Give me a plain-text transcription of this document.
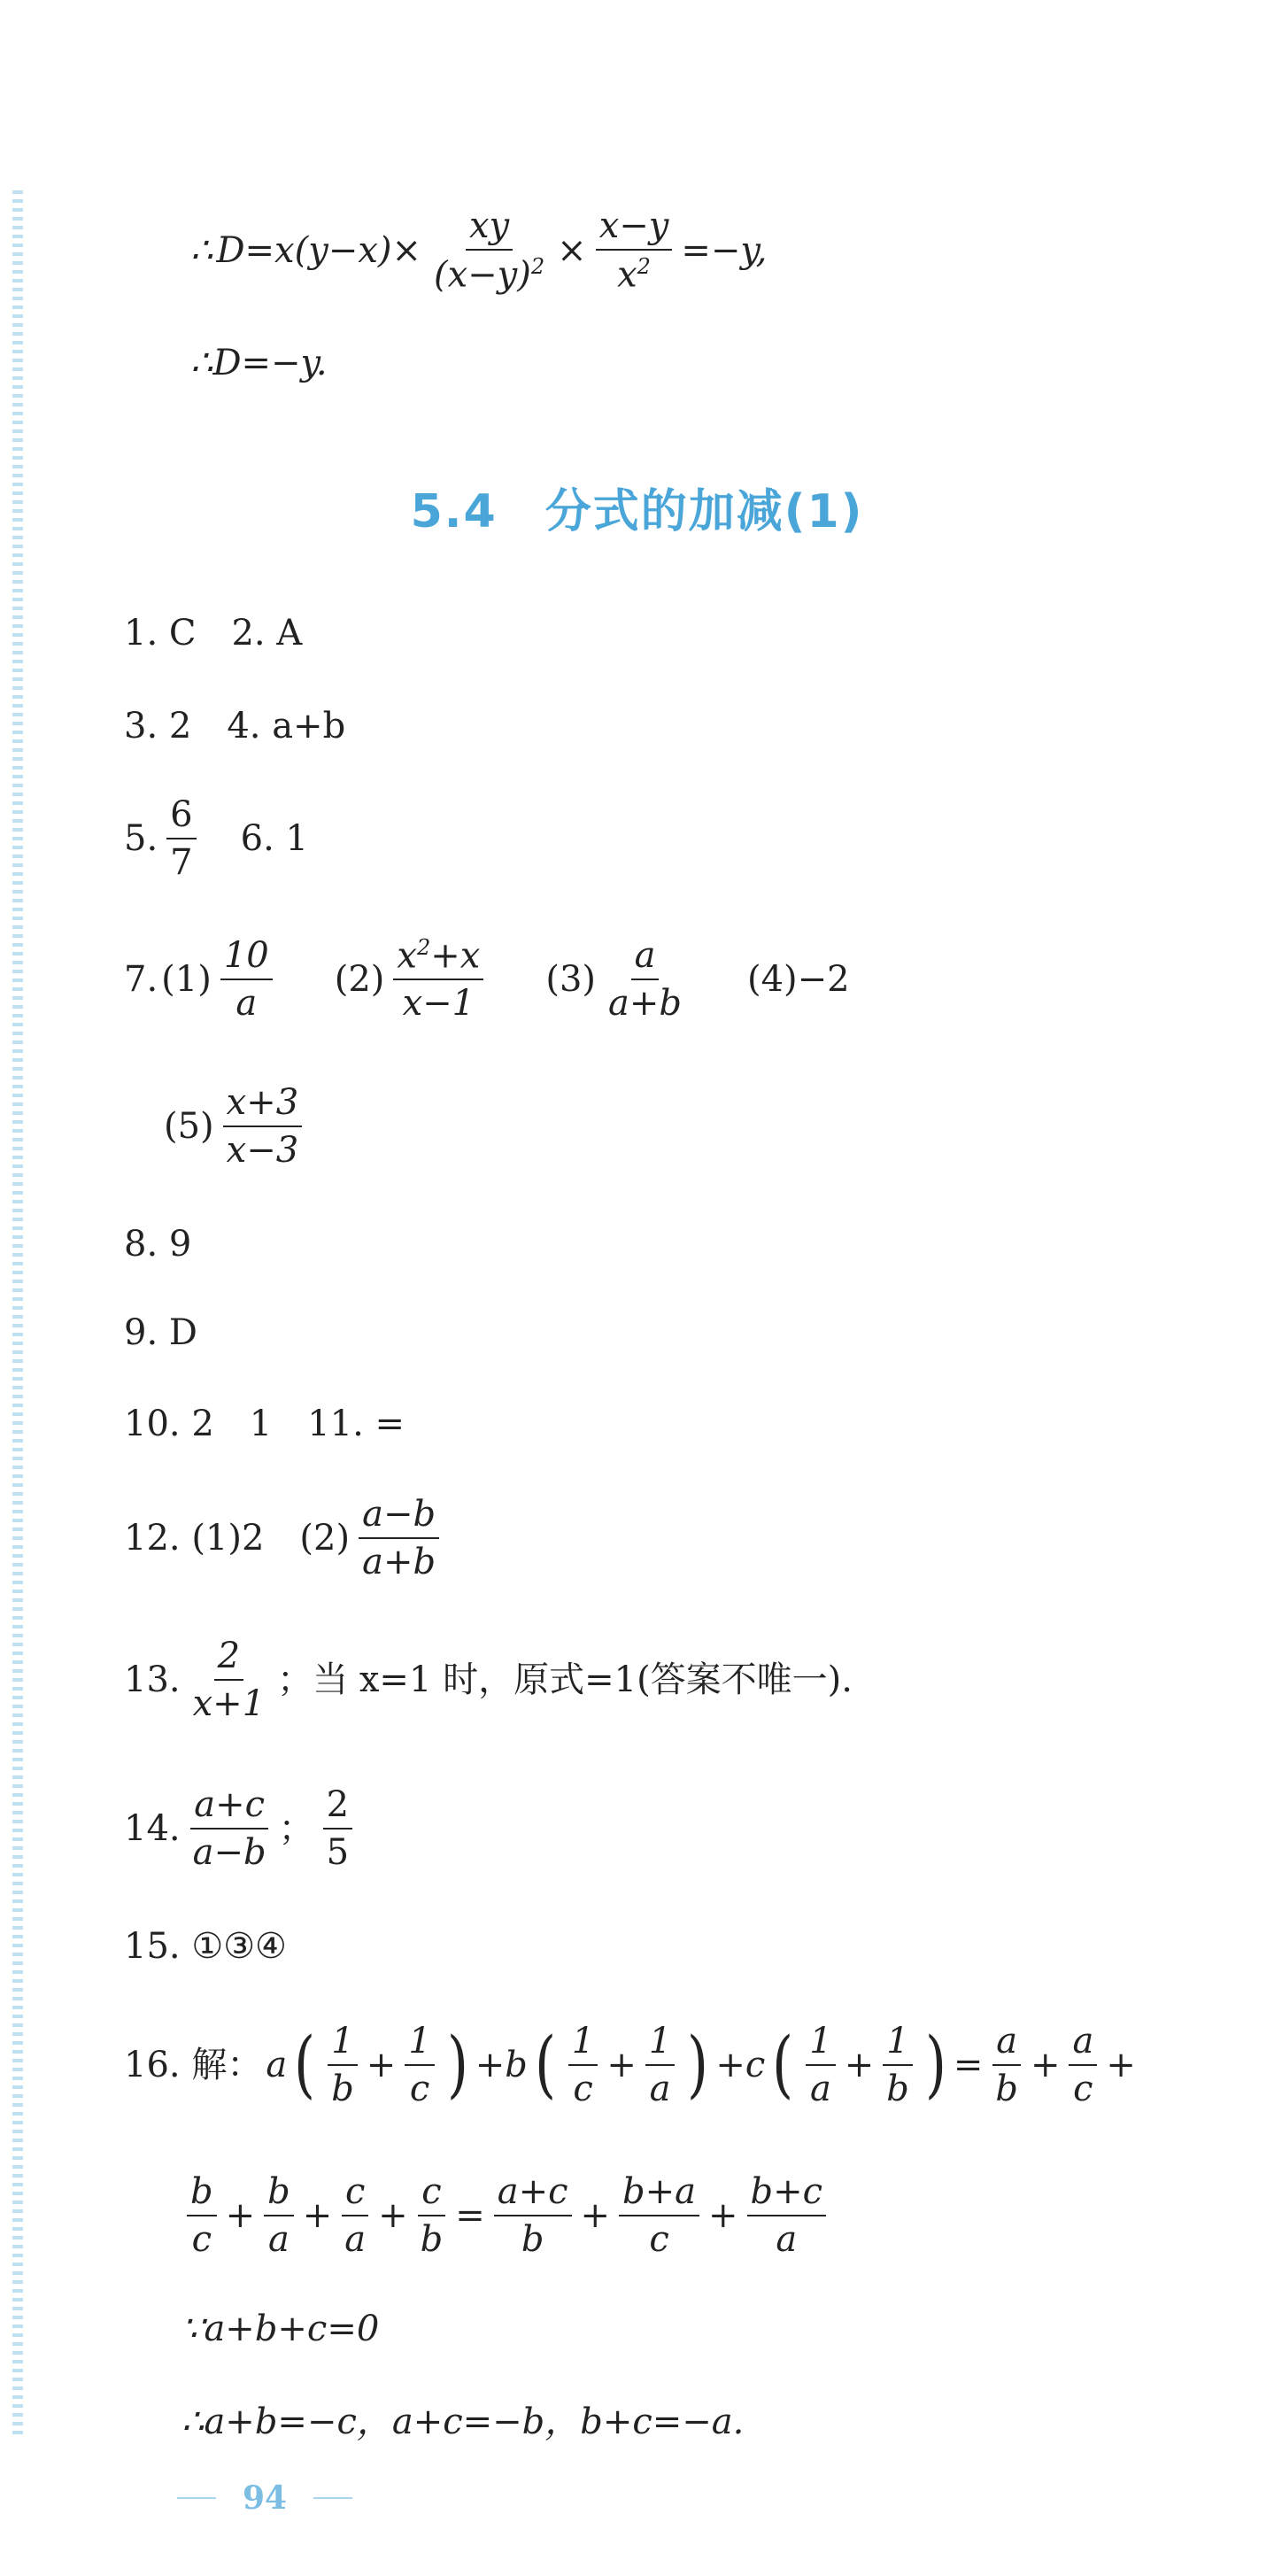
∴ $D=x(y-x)\times \frac{xy}{(x-y)^2} \times \frac{x-y}{x^2} =-y$,
∴D=−y.
5.4　分式的加减(1)
1. C　2. A
3. 2　4. a+b
5. $\frac{6}{7} 6$. 1
7. $(1) \frac{10}{a} (2) \frac{x^2+x}{x-1} (3) \frac{a}{a+b} (4)-2$
$(5) \frac{x+3}{x-3}$
8. 9
9. D
10. 2　1　11. =
12. (1)2　$(2) \frac{a-b}{a+b}$
13. $\frac{2}{x+1}$ ；当 x=1 时，原式=1(答案不唯一).
14. $\frac{a+c}{a-b}$ ； $\frac{2}{5}$
15. ①③④
16. 解： a ( $\frac{1}{b} + \frac{1}{c}$ ) +b ( $\frac{1}{c} + \frac{1}{a}$ ) +c ( $\frac{1}{a} + \frac{1}{b}$ ) = $\frac{a}{b} + \frac{a}{c}$ +
$\frac{b}{c} + \frac{b}{a} + \frac{c}{a} + \frac{c}{b} = \frac{a+c}{b} + \frac{b+a}{c} + \frac{b+c}{a}$
∵a+b+c=0
∴a+b=−c，a+c=−b，b+c=−a.
94
